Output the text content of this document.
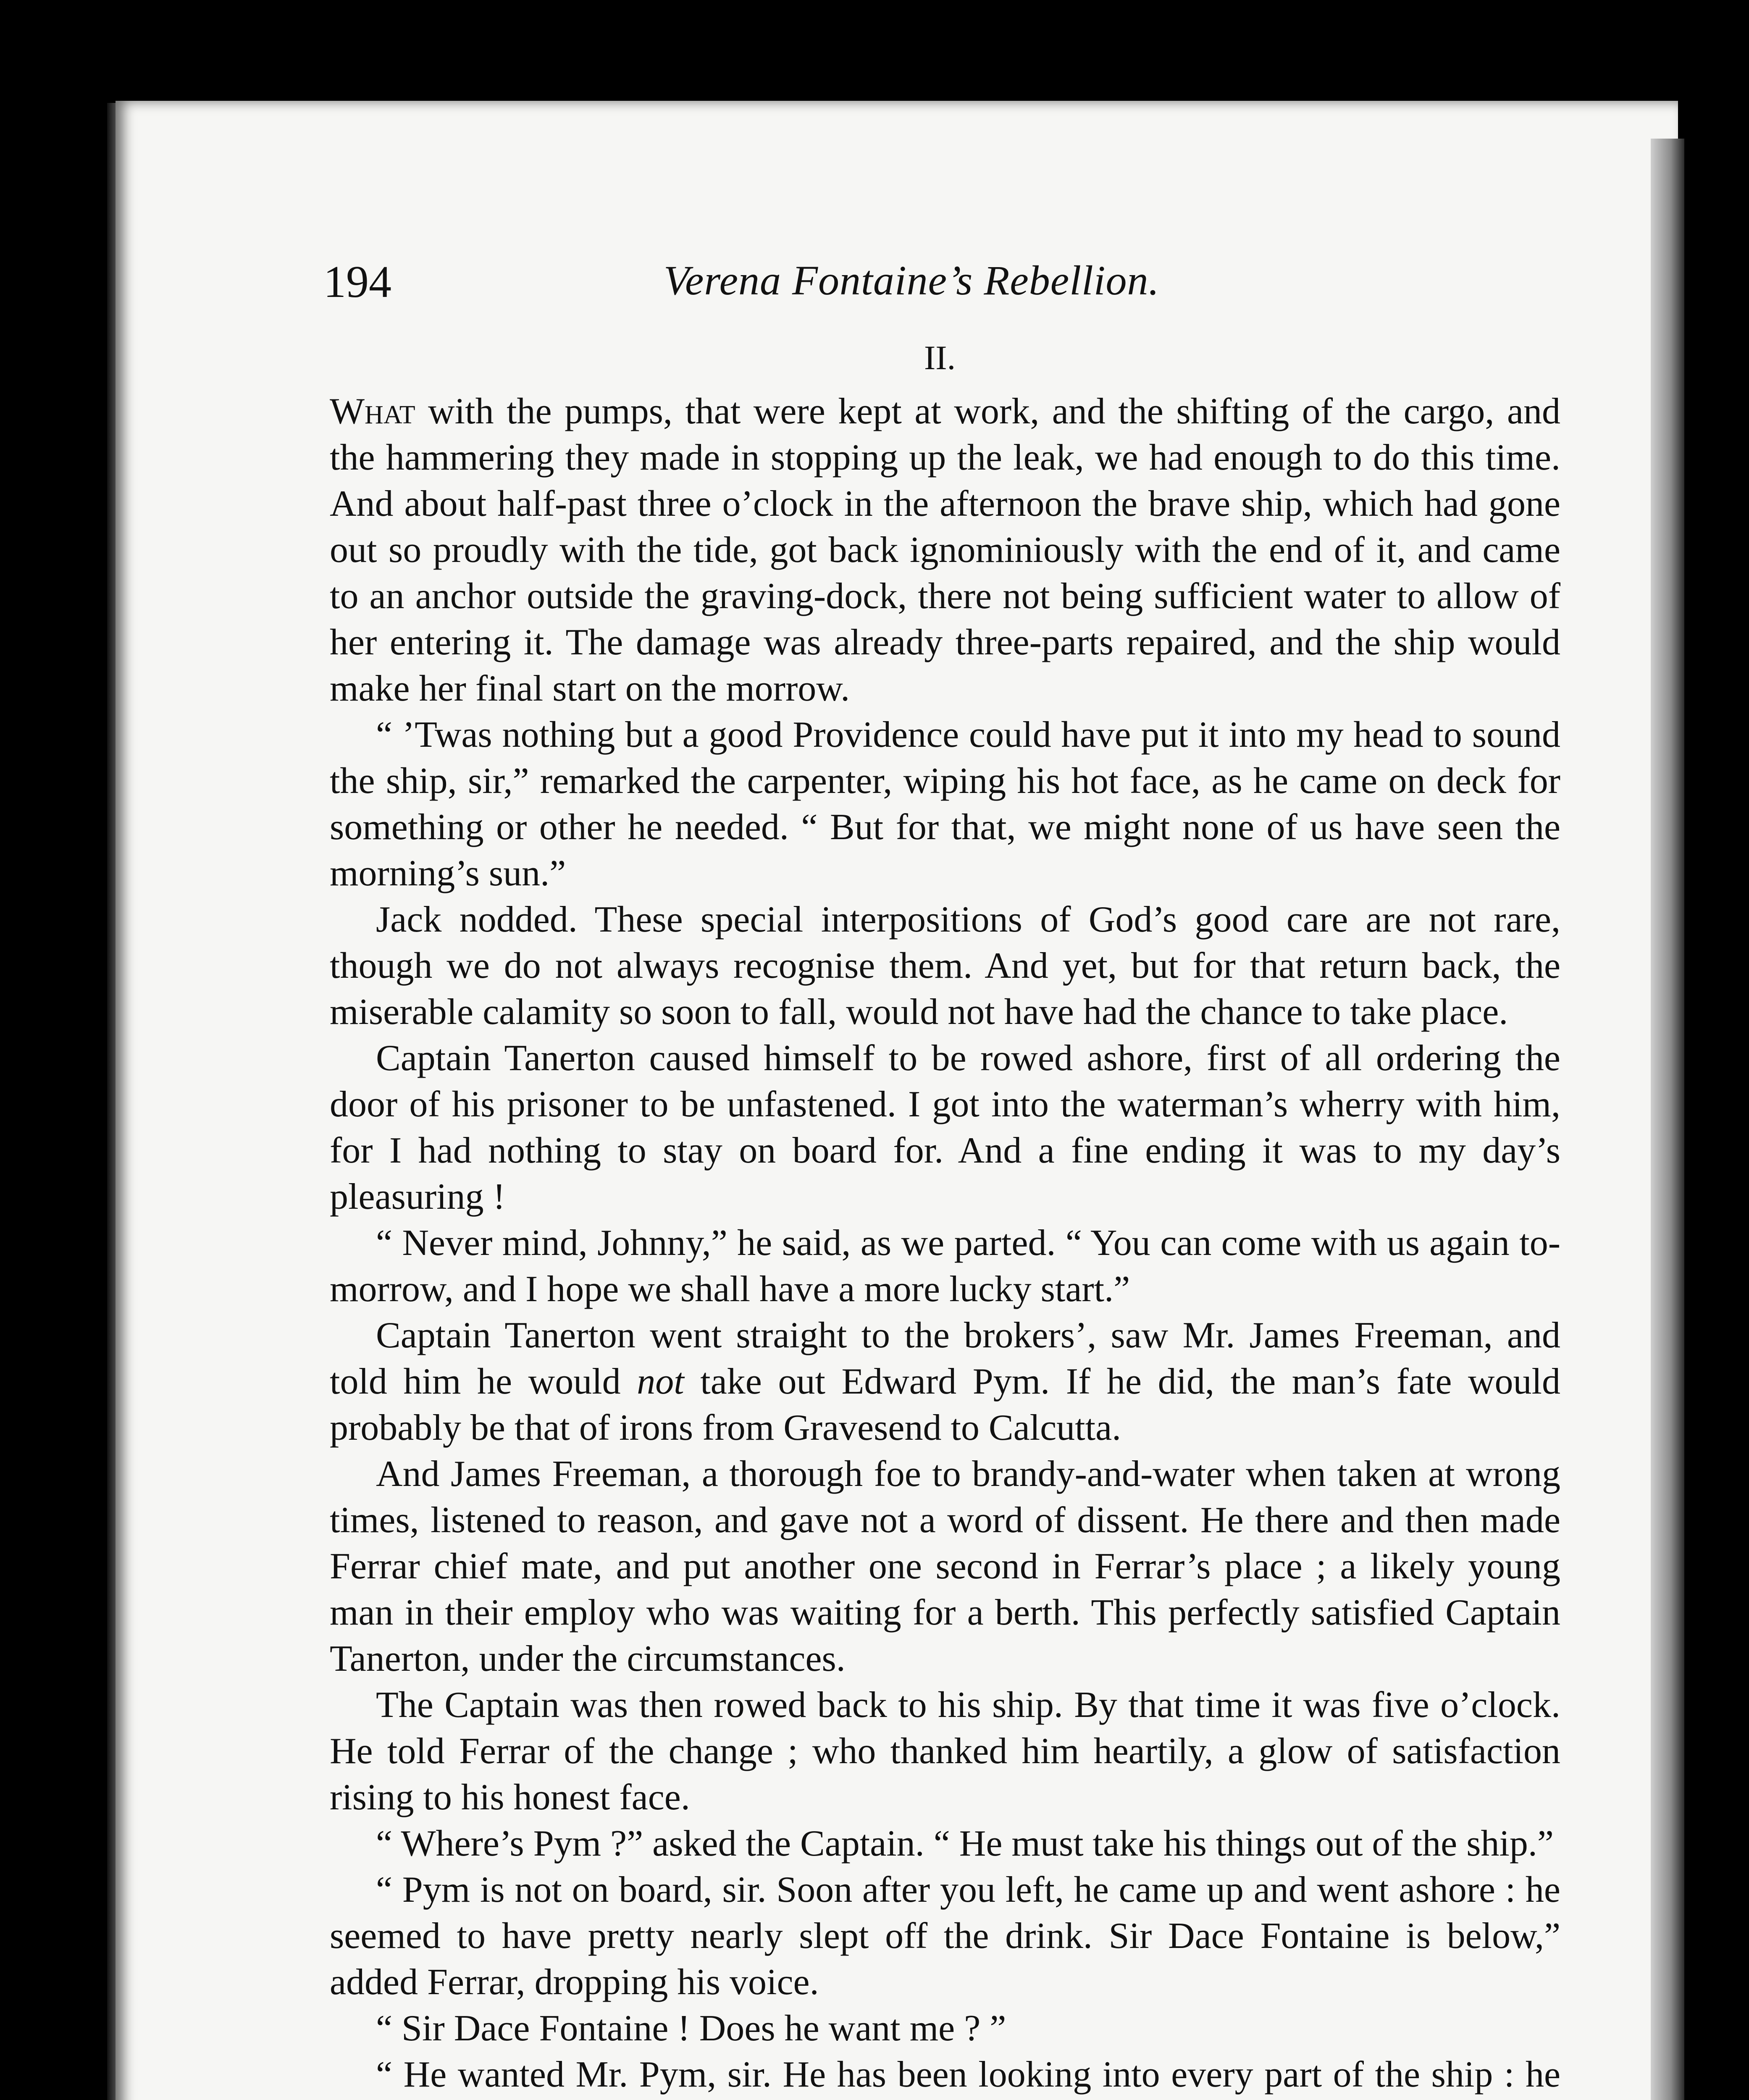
194	Verena Fontaine’s Rebellion.
II.

What with the pumps, that were kept at work, and the shifting of the cargo, and the hammering they made in stopping up the leak, we had enough to do this time. And about half-past three o’clock in the afternoon the brave ship, which had gone out so proudly with the tide, got back ignominiously with the end of it, and came to an anchor outside the graving-dock, there not being sufficient water to allow of her entering it. The damage was already three-parts repaired, and the ship would make her final start on the morrow.

“ ’Twas nothing but a good Providence could have put it into my head to sound the ship, sir,” remarked the carpenter, wiping his hot face, as he came on deck for something or other he needed. “ But for that, we might none of us have seen the morning’s sun.”

Jack nodded. These special interpositions of God’s good care are not rare, though we do not always recognise them. And yet, but for that return back, the miserable calamity so soon to fall, would not have had the chance to take place.

Captain Tanerton caused himself to be rowed ashore, first of all ordering the door of his prisoner to be unfastened. I got into the waterman’s wherry with him, for I had nothing to stay on board for. And a fine ending it was to my day’s pleasuring !

“ Never mind, Johnny,” he said, as we parted. “ You can come with us again to-morrow, and I hope we shall have a more lucky start.”

Captain Tanerton went straight to the brokers’, saw Mr. James Freeman, and told him he would not take out Edward Pym. If he did, the man’s fate would probably be that of irons from Gravesend to Calcutta.

And James Freeman, a thorough foe to brandy-and-water when taken at wrong times, listened to reason, and gave not a word of dissent. He there and then made Ferrar chief mate, and put another one second in Ferrar’s place ; a likely young man in their employ who was waiting for a berth. This perfectly satisfied Captain Tanerton, under the circumstances.

The Captain was then rowed back to his ship. By that time it was five o’clock. He told Ferrar of the change ; who thanked him heartily, a glow of satisfaction rising to his honest face.

“ Where’s Pym ?” asked the Captain. “ He must take his things out of the ship.”

“ Pym is not on board, sir. Soon after you left, he came up and went ashore : he seemed to have pretty nearly slept off the drink. Sir Dace Fontaine is below,” added Ferrar, dropping his voice.

“ Sir Dace Fontaine ! Does he want me ? ”

“ He wanted Mr. Pym, sir. He has been looking into every part of the ship : he
